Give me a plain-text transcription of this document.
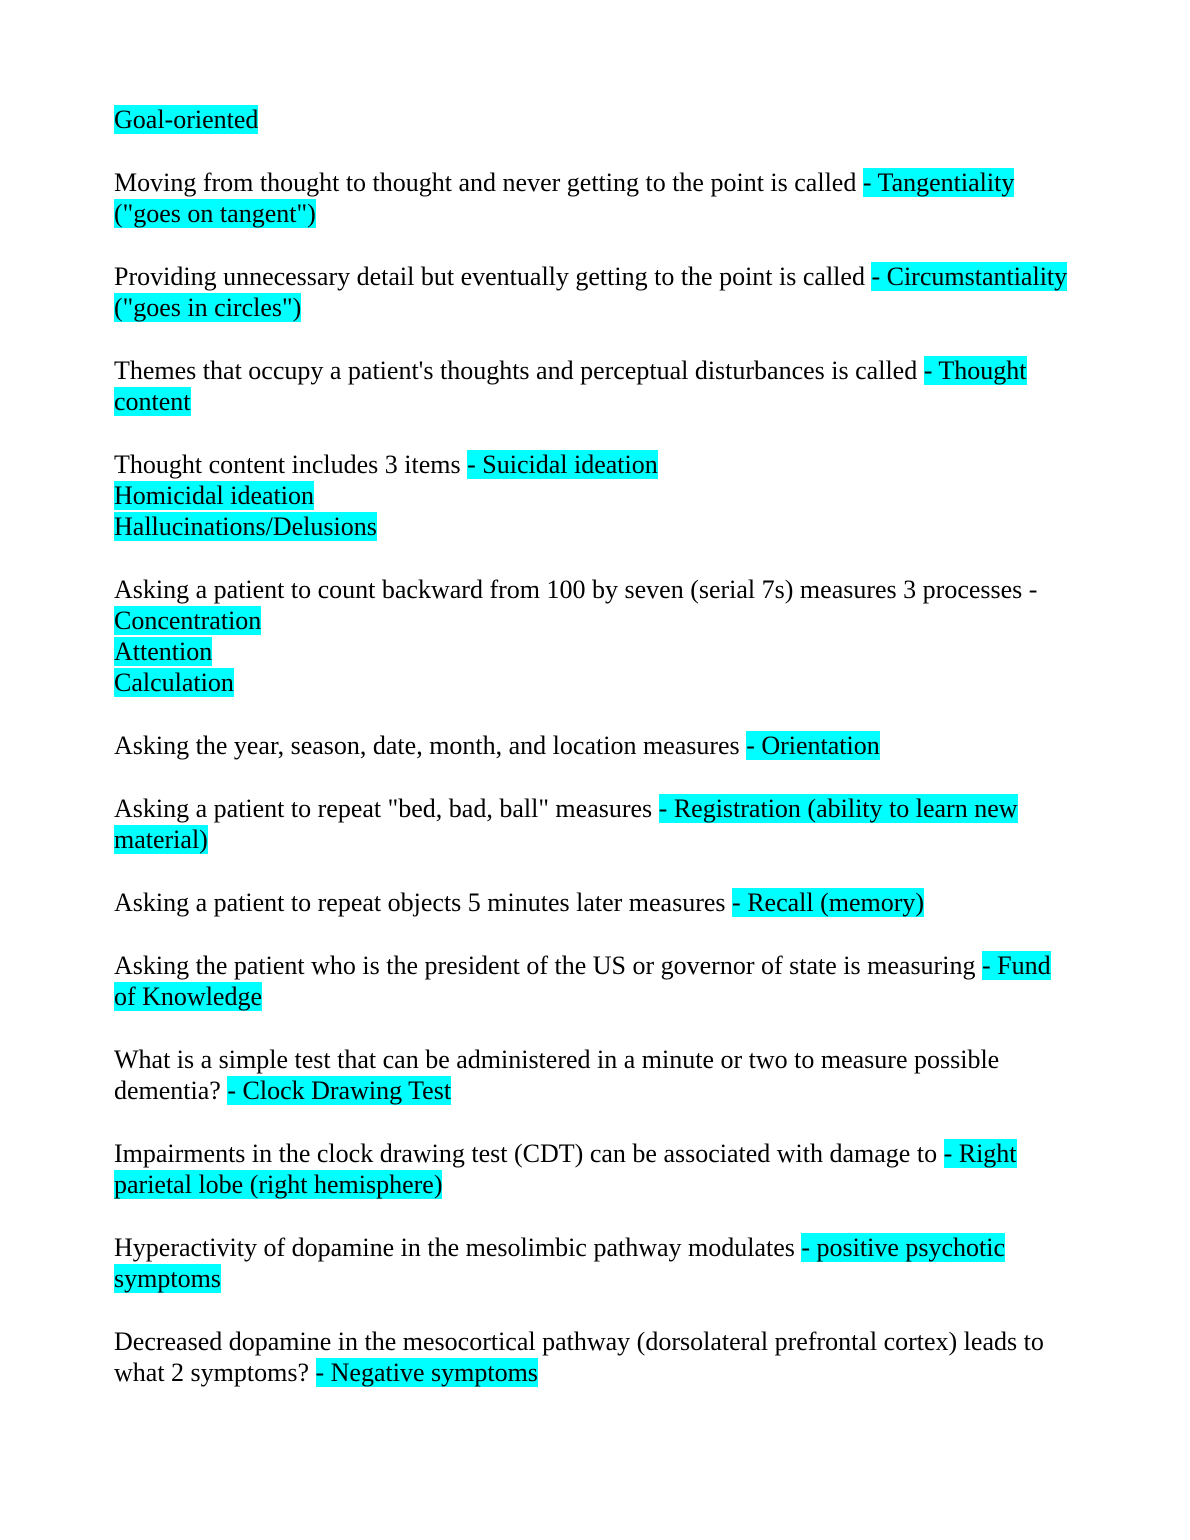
Goal-oriented
Moving from thought to thought and never getting to the point is called - Tangentiality ("goes on tangent")
Providing unnecessary detail but eventually getting to the point is called - Circumstantiality ("goes in circles")
Themes that occupy a patient's thoughts and perceptual disturbances is called - Thought content
Thought content includes 3 items - Suicidal ideation
Homicidal ideation
Hallucinations/Delusions
Asking a patient to count backward from 100 by seven (serial 7s) measures 3 processes - Concentration
Attention
Calculation
Asking the year, season, date, month, and location measures - Orientation
Asking a patient to repeat "bed, bad, ball" measures - Registration (ability to learn new material)
Asking a patient to repeat objects 5 minutes later measures - Recall (memory)
Asking the patient who is the president of the US or governor of state is measuring - Fund of Knowledge
What is a simple test that can be administered in a minute or two to measure possible dementia? - Clock Drawing Test
Impairments in the clock drawing test (CDT) can be associated with damage to - Right parietal lobe (right hemisphere)
Hyperactivity of dopamine in the mesolimbic pathway modulates - positive psychotic symptoms
Decreased dopamine in the mesocortical pathway (dorsolateral prefrontal cortex) leads to what 2 symptoms? - Negative symptoms
